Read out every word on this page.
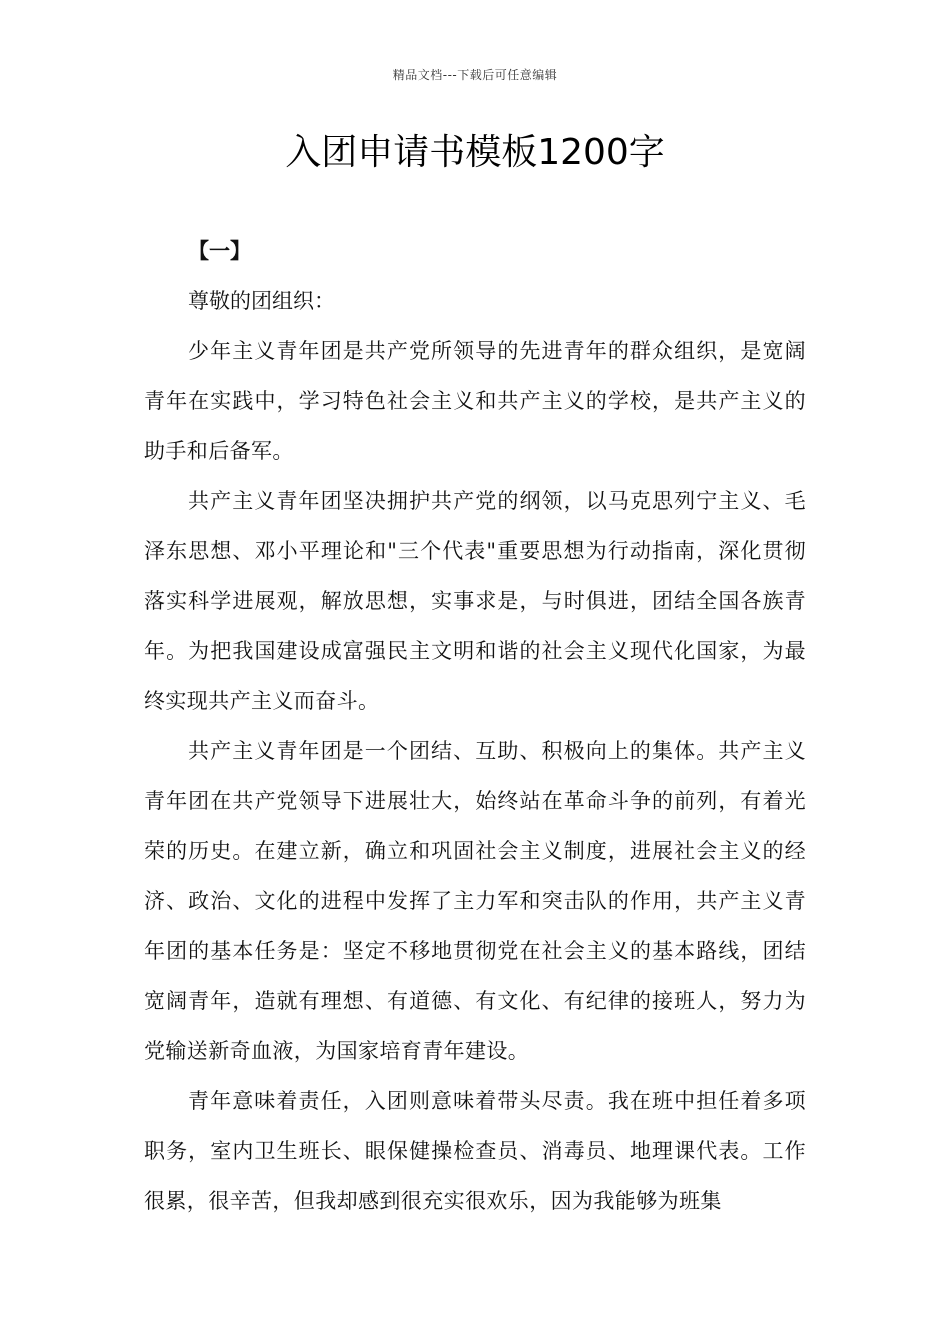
精品文档---下载后可任意编辑
入团申请书模板1200字

【一】

尊敬的团组织：

少年主义青年团是共产党所领导的先进青年的群众组织，是宽阔青年在实践中，学习特色社会主义和共产主义的学校，是共产主义的助手和后备军。

共产主义青年团坚决拥护共产党的纲领，以马克思列宁主义、毛泽东思想、邓小平理论和"三个代表"重要思想为行动指南，深化贯彻落实科学进展观，解放思想，实事求是，与时俱进，团结全国各族青年。为把我国建设成富强民主文明和谐的社会主义现代化国家，为最终实现共产主义而奋斗。

共产主义青年团是一个团结、互助、积极向上的集体。共产主义青年团在共产党领导下进展壮大，始终站在革命斗争的前列，有着光荣的历史。在建立新，确立和巩固社会主义制度，进展社会主义的经济、政治、文化的进程中发挥了主力军和突击队的作用，共产主义青年团的基本任务是：坚定不移地贯彻党在社会主义的基本路线，团结宽阔青年，造就有理想、有道德、有文化、有纪律的接班人，努力为党输送新奇血液，为国家培育青年建设。

青年意味着责任，入团则意味着带头尽责。我在班中担任着多项职务，室内卫生班长、眼保健操检查员、消毒员、地理课代表。工作很累，很辛苦，但我却感到很充实很欢乐，因为我能够为班集
